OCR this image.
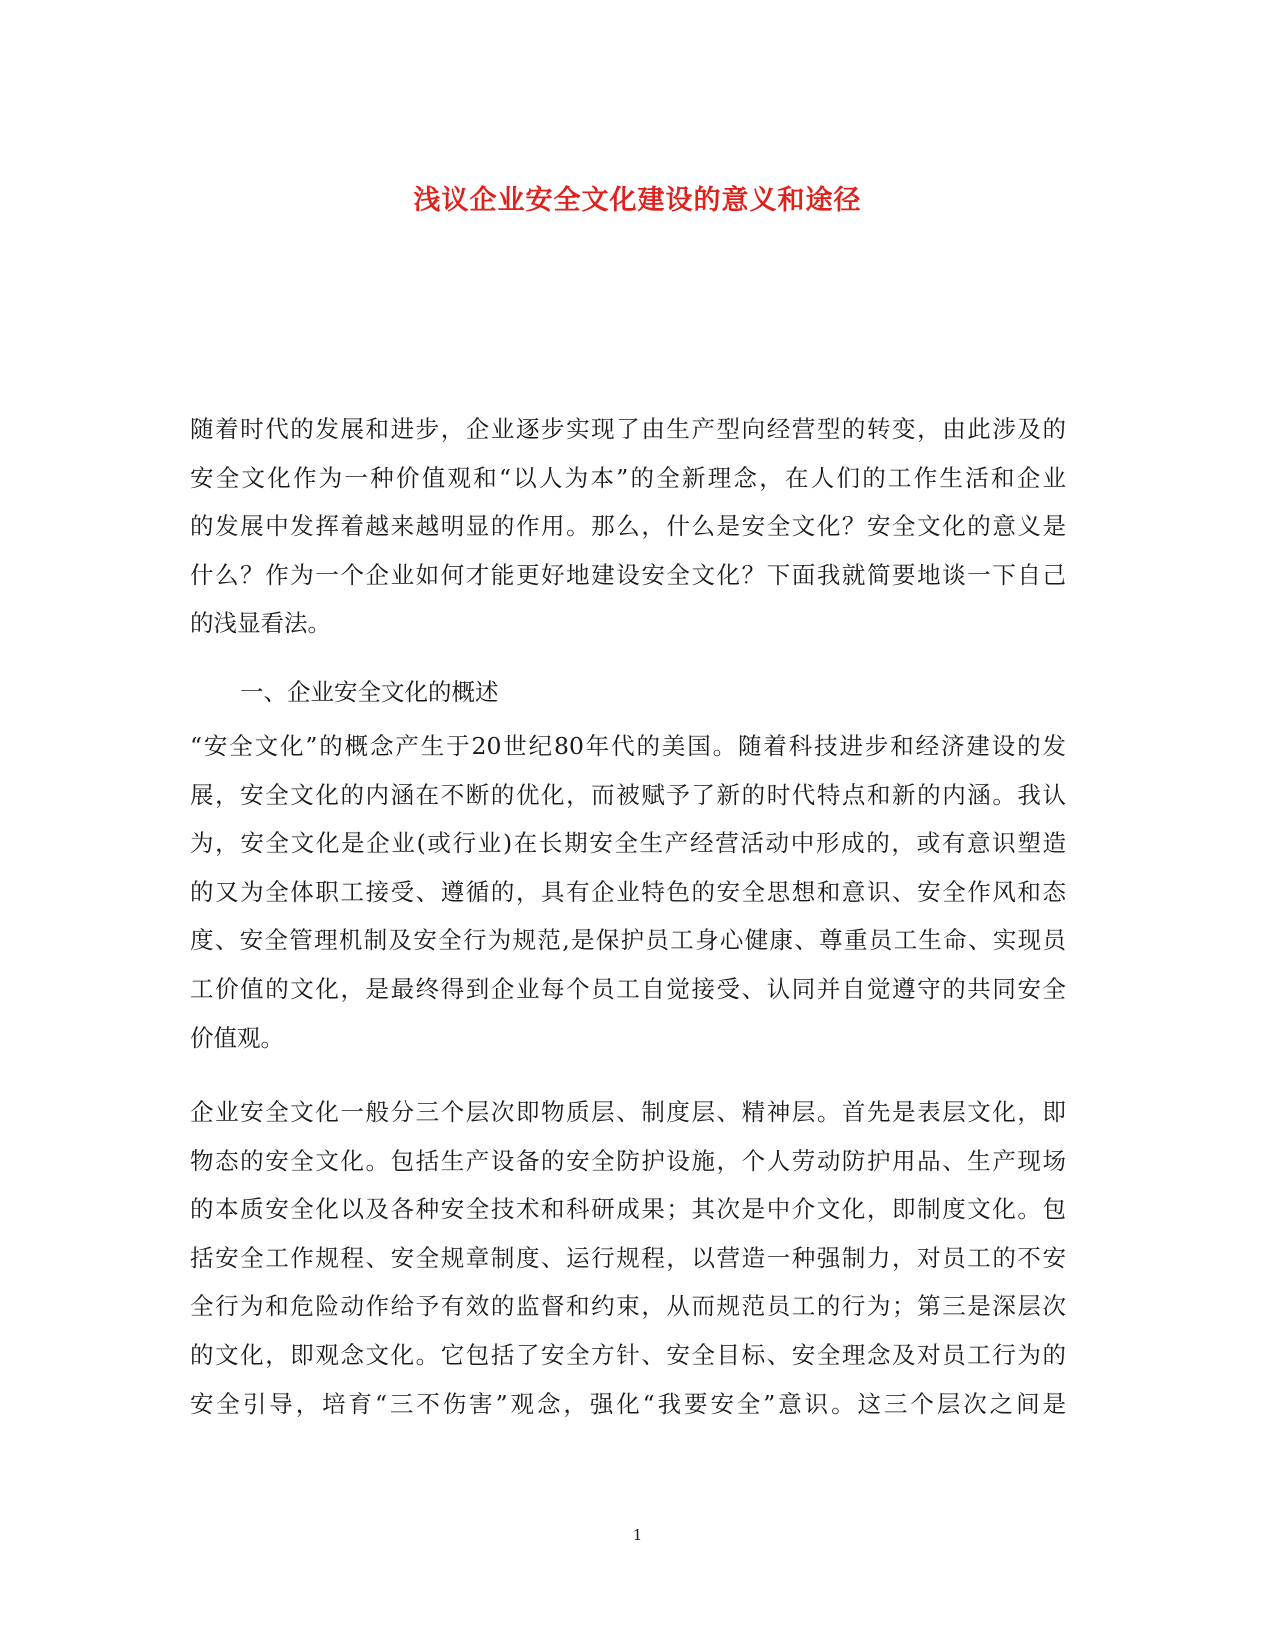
浅议企业安全文化建设的意义和途径
随着时代的发展和进步，企业逐步实现了由生产型向经营型的转变，由此涉及的
安全文化作为一种价值观和“以人为本”的全新理念，在人们的工作生活和企业
的发展中发挥着越来越明显的作用。那么，什么是安全文化？安全文化的意义是
什么？作为一个企业如何才能更好地建设安全文化？下面我就简要地谈一下自己
的浅显看法。
一、企业安全文化的概述
“安全文化”的概念产生于20世纪80年代的美国。随着科技进步和经济建设的发
展，安全文化的内涵在不断的优化，而被赋予了新的时代特点和新的内涵。我认
为，安全文化是企业(或行业)在长期安全生产经营活动中形成的，或有意识塑造
的又为全体职工接受、遵循的，具有企业特色的安全思想和意识、安全作风和态
度、安全管理机制及安全行为规范,是保护员工身心健康、尊重员工生命、实现员
工价值的文化，是最终得到企业每个员工自觉接受、认同并自觉遵守的共同安全
价值观。
企业安全文化一般分三个层次即物质层、制度层、精神层。首先是表层文化，即
物态的安全文化。包括生产设备的安全防护设施，个人劳动防护用品、生产现场
的本质安全化以及各种安全技术和科研成果；其次是中介文化，即制度文化。包
括安全工作规程、安全规章制度、运行规程，以营造一种强制力，对员工的不安
全行为和危险动作给予有效的监督和约束，从而规范员工的行为；第三是深层次
的文化，即观念文化。它包括了安全方针、安全目标、安全理念及对员工行为的
安全引导，培育“三不伤害”观念，强化“我要安全”意识。这三个层次之间是
1
